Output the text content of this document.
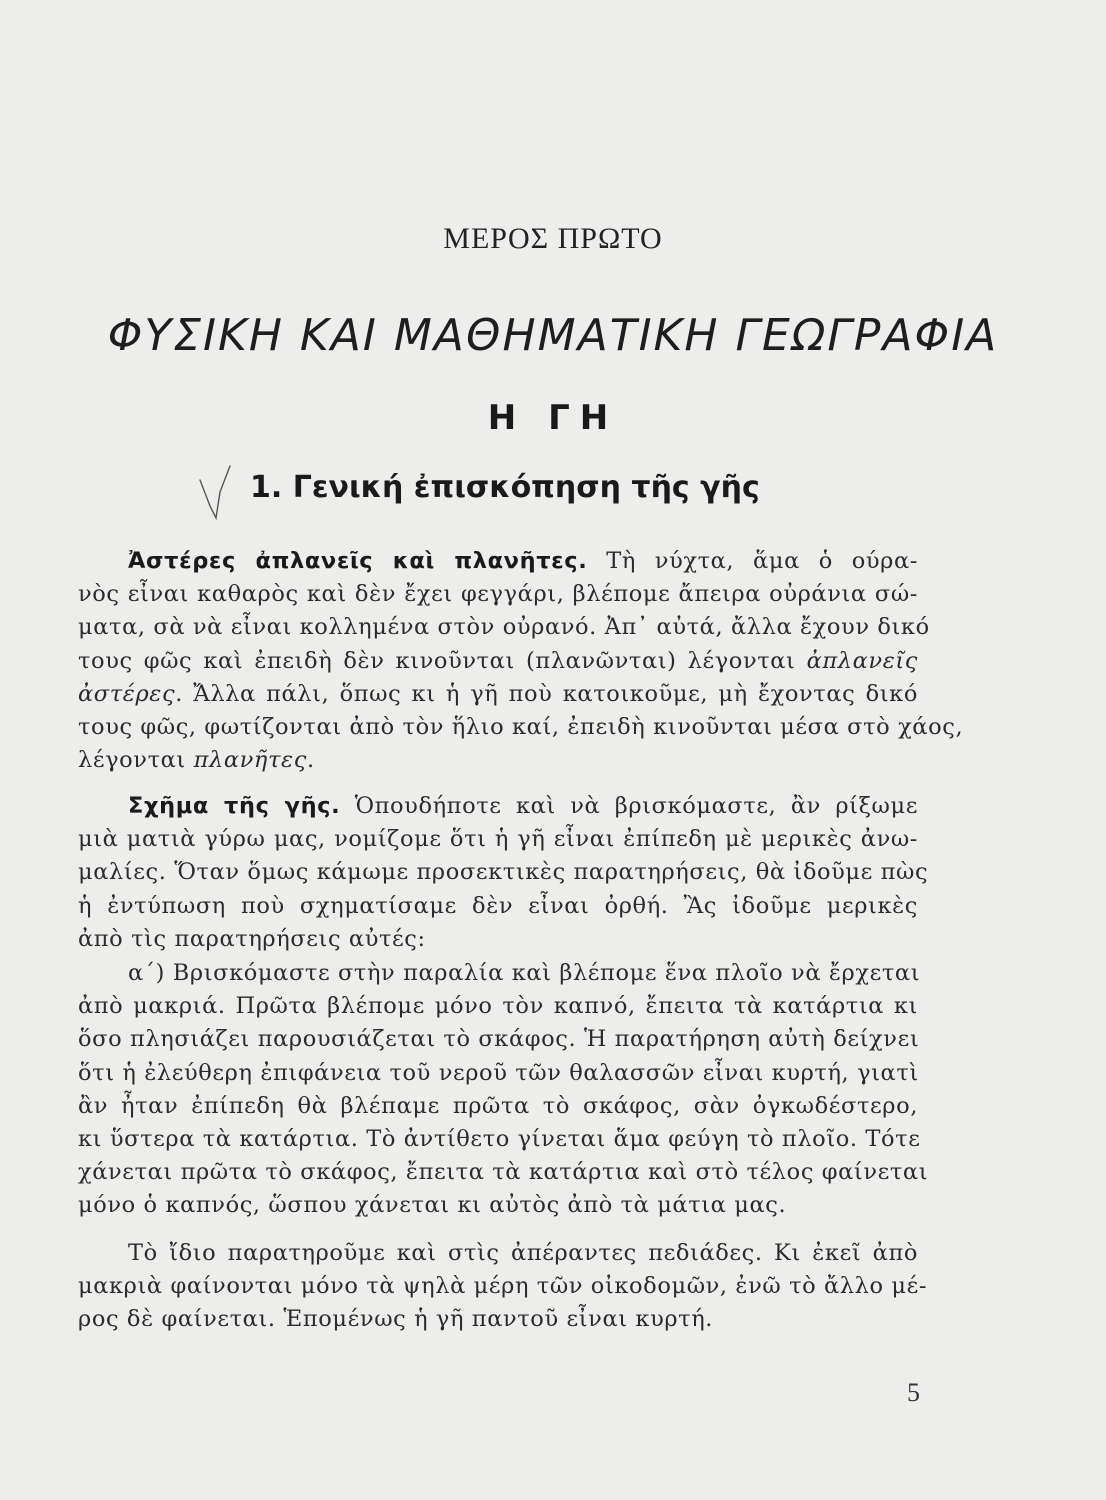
ΜΕΡΟΣ ΠΡΩΤΟ
ΦΥΣΙΚΗ ΚΑΙ ΜΑΘΗΜΑΤΙΚΗ ΓΕΩΓΡΑΦΙΑ
Η ΓΗ
1. Γενική ἐπισκόπηση τῆς γῆς
Ἀστέρες ἀπλανεῖς καὶ πλανῆτες. Τὴ νύχτα, ἅμα ὁ ούρα-
νὸς εἶναι καθαρὸς καὶ δὲν ἔχει φεγγάρι, βλέπομε ἄπειρα οὐράνια σώ-
ματα, σὰ νὰ εἶναι κολλημένα στὸν οὐρανό. Ἀπ᾿ αὐτά, ἄλλα ἔχουν δικό
τους φῶς καὶ ἐπειδὴ δὲν κινοῦνται (πλανῶνται) λέγονται ἀπλανεῖς
ἀστέρες. Ἄλλα πάλι, ὅπως κι ἡ γῆ ποὺ κατοικοῦμε, μὴ ἔχοντας δικό
τους φῶς, φωτίζονται ἀπὸ τὸν ἥλιο καί, ἐπειδὴ κινοῦνται μέσα στὸ χάος,
λέγονται πλανῆτες.
Σχῆμα τῆς γῆς. Ὁπουδήποτε καὶ νὰ βρισκόμαστε, ἂν ρίξωμε
μιὰ ματιὰ γύρω μας, νομίζομε ὅτι ἡ γῆ εἶναι ἐπίπεδη μὲ μερικὲς ἀνω-
μαλίες. Ὅταν ὅμως κάμωμε προσεκτικὲς παρατηρήσεις, θὰ ἰδοῦμε πὼς
ἡ ἐντύπωση ποὺ σχηματίσαμε δὲν εἶναι ὀρθή. Ἂς ἰδοῦμε μερικὲς
ἀπὸ τὶς παρατηρήσεις αὐτές:
α΄) Βρισκόμαστε στὴν παραλία καὶ βλέπομε ἕνα πλοῖο νὰ ἔρχεται
ἀπὸ μακριά. Πρῶτα βλέπομε μόνο τὸν καπνό, ἔπειτα τὰ κατάρτια κι
ὅσο πλησιάζει παρουσιάζεται τὸ σκάφος. Ἡ παρατήρηση αὐτὴ δείχνει
ὅτι ἡ ἐλεύθερη ἐπιφάνεια τοῦ νεροῦ τῶν θαλασσῶν εἶναι κυρτή, γιατὶ
ἂν ἦταν ἐπίπεδη θὰ βλέπαμε πρῶτα τὸ σκάφος, σὰν ὀγκωδέστερο,
κι ὕστερα τὰ κατάρτια. Τὸ ἀντίθετο γίνεται ἅμα φεύγη τὸ πλοῖο. Τότε
χάνεται πρῶτα τὸ σκάφος, ἔπειτα τὰ κατάρτια καὶ στὸ τέλος φαίνεται
μόνο ὁ καπνός, ὥσπου χάνεται κι αὐτὸς ἀπὸ τὰ μάτια μας.
Τὸ ἴδιο παρατηροῦμε καὶ στὶς ἀπέραντες πεδιάδες. Κι ἐκεῖ ἀπὸ
μακριὰ φαίνονται μόνο τὰ ψηλὰ μέρη τῶν οἰκοδομῶν, ἐνῶ τὸ ἄλλο μέ-
ρος δὲ φαίνεται. Ἑπομένως ἡ γῆ παντοῦ εἶναι κυρτή.
5
